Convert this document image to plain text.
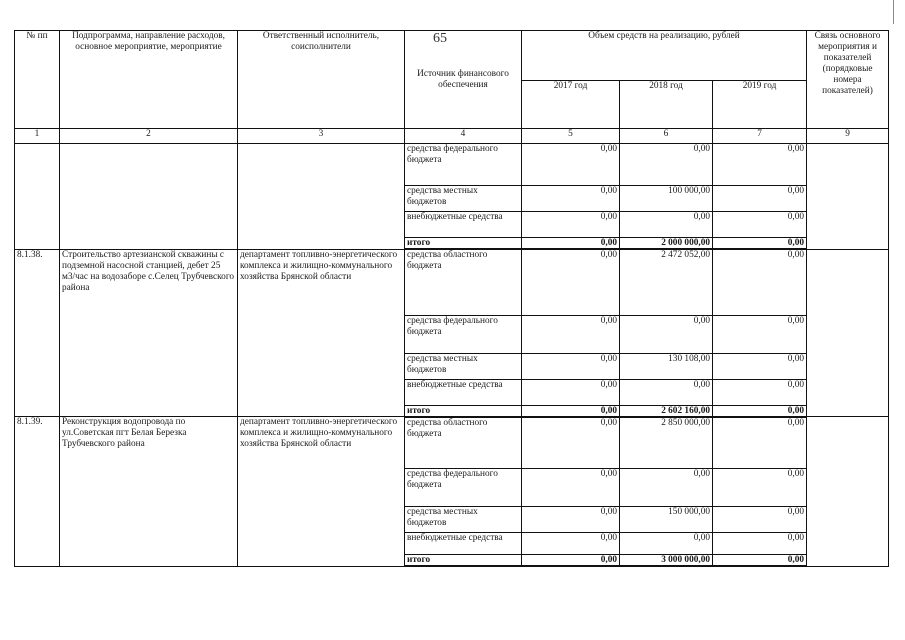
65
№ пп	Подпрограмма, направление расходов, основное мероприятие, мероприятие	Ответственный исполнитель, соисполнители	Источник финансового обеспечения	Объем средств на реализацию, рублей			Связь основного мероприятия и показателей (порядковые номера показателей)
				2017 год	2018 год	2019 год	
1	2	3	4	5	6	7	9
			средства федерального бюджета	0,00	0,00	0,00	
			средства местных бюджетов	0,00	100 000,00	0,00	
			внебюджетные средства	0,00	0,00	0,00	
			итого	0,00	2 000 000,00	0,00	
8.1.38.	Строительство артезианской скважины с подземной насосной станцией, дебет 25 м3/час на водозаборе с.Селец Трубчевского района	департамент топливно-энергетического комплекса и жилищно-коммунального хозяйства Брянской области	средства областного бюджета	0,00	2 472 052,00	0,00	
			средства федерального бюджета	0,00	0,00	0,00	
			средства местных бюджетов	0,00	130 108,00	0,00	
			внебюджетные средства	0,00	0,00	0,00	
			итого	0,00	2 602 160,00	0,00	
8.1.39.	Реконструкция водопровода по ул.Советская пгт Белая Березка Трубчевского района	департамент топливно-энергетического комплекса и жилищно-коммунального хозяйства Брянской области	средства областного бюджета	0,00	2 850 000,00	0,00	
			средства федерального бюджета	0,00	0,00	0,00	
			средства местных бюджетов	0,00	150 000,00	0,00	
			внебюджетные средства	0,00	0,00	0,00	
			итого	0,00	3 000 000,00	0,00	
